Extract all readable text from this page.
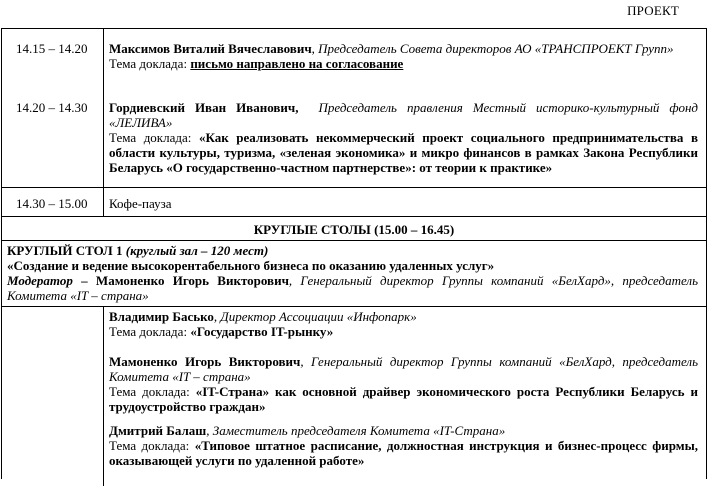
ПРОЕКТ
14.15 – 14.20	Максимов Виталий Вячеславович, Председатель Совета директоров АО «ТРАНСПРОЕКТ Групп»

Тема доклада: письмо направлено на согласование

14.20 – 14.30	Гордиевский Иван Иванович, Председатель правления Местный историко-культурный фонд «ЛЕЛИВА»

Тема доклада: «Как реализовать некоммерческий проект социального предпринимательства в области культуры, туризма, «зеленая экономика» и микро финансов в рамках Закона Республики Беларусь «О государственно-частном партнерстве»: от теории к практике»

14.30 – 15.00	Кофе-пауза
КРУГЛЫЕ СТОЛЫ (15.00 – 16.45)

КРУГЛЫЙ СТОЛ 1 (круглый зал – 120 мест)

«Создание и ведение высокорентабельного бизнеса по оказанию удаленных услуг»

Модератор – Мамоненко Игорь Викторович, Генеральный директор Группы компаний «БелХард», председатель Комитета «IT – страна»

Владимир Басько, Директор Ассоциации «Инфопарк»

Тема доклада: «Государство IT-рынку»

Мамоненко Игорь Викторович, Генеральный директор Группы компаний «БелХард, председатель Комитета «IT – страна»

Тема доклада: «IT-Страна» как основной драйвер экономического роста Республики Беларусь и трудоустройство граждан»

Дмитрий Балаш, Заместитель председателя Комитета «IT-Страна»

Тема доклада: «Типовое штатное расписание, должностная инструкция и бизнес-процесс фирмы, оказывающей услуги по удаленной работе»
